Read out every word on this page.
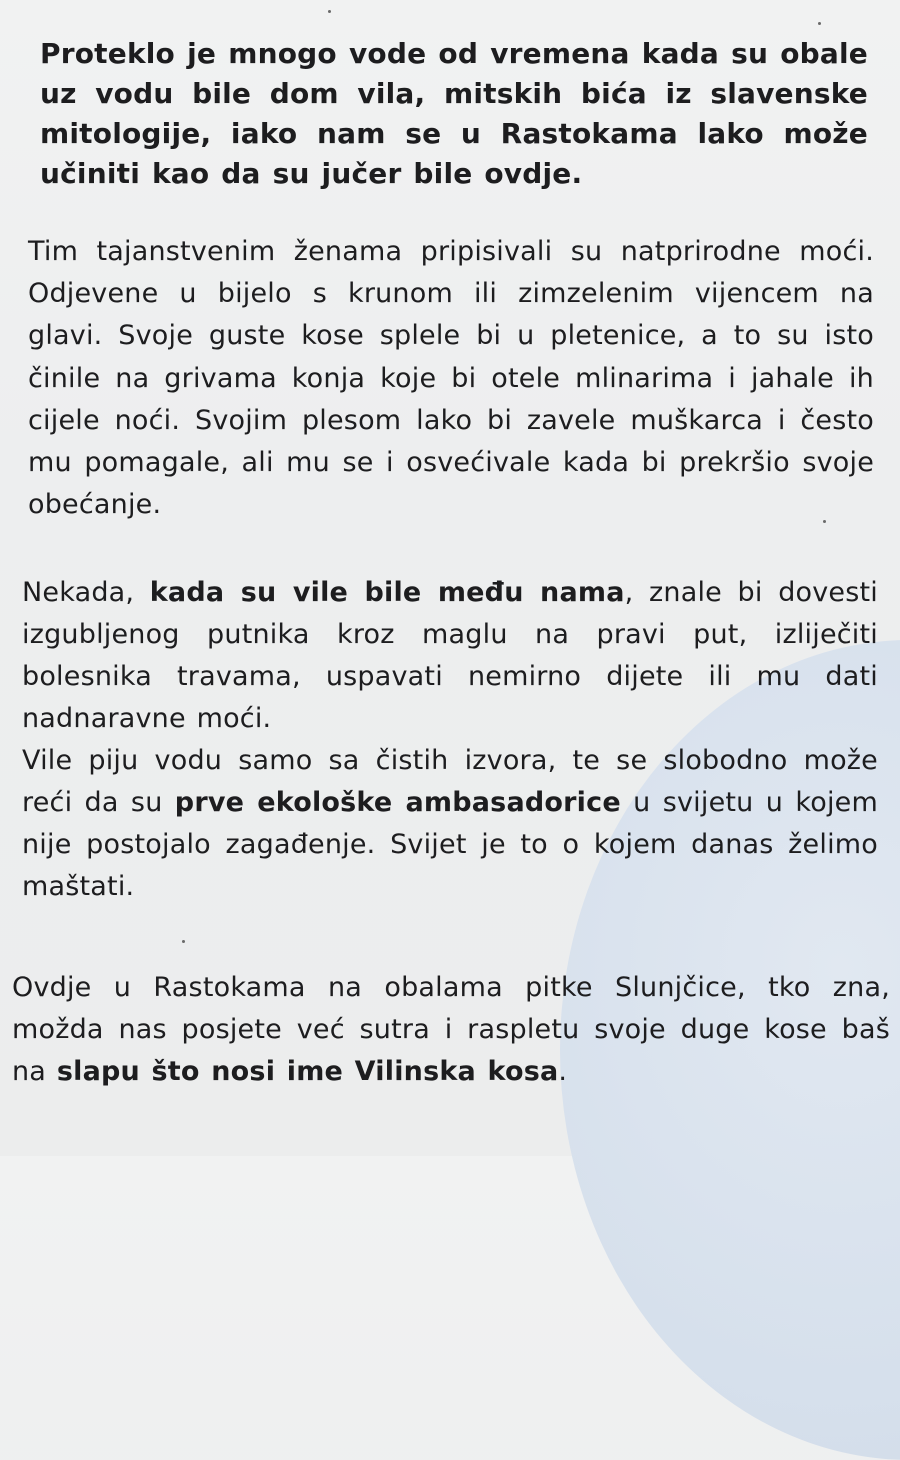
Proteklo je mnogo vode od vremena kada su obale uz vodu bile dom vila, mitskih bića iz slavenske mitologije, iako nam se u Rastokama lako može učiniti kao da su jučer bile ovdje.

Tim tajanstvenim ženama pripisivali su natprirodne moći. Odjevene u bijelo s krunom ili zimzelenim vijencem na glavi. Svoje guste kose splele bi u pletenice, a to su isto činile na grivama konja koje bi otele mlinarima i jahale ih cijele noći. Svojim plesom lako bi zavele muškarca i često mu pomagale, ali mu se i osvećivale kada bi prekršio svoje obećanje.

Nekada, kada su vile bile među nama, znale bi dovesti izgubljenog putnika kroz maglu na pravi put, izliječiti bolesnika travama, uspavati nemirno dijete ili mu dati nadnaravne moći.
Vile piju vodu samo sa čistih izvora, te se slobodno može reći da su prve ekološke ambasadorice u svijetu u kojem nije postojalo zagađenje. Svijet je to o kojem danas želimo maštati.

Ovdje u Rastokama na obalama pitke Slunjčice, tko zna, možda nas posjete već sutra i raspletu svoje duge kose baš na slapu što nosi ime Vilinska kosa.
